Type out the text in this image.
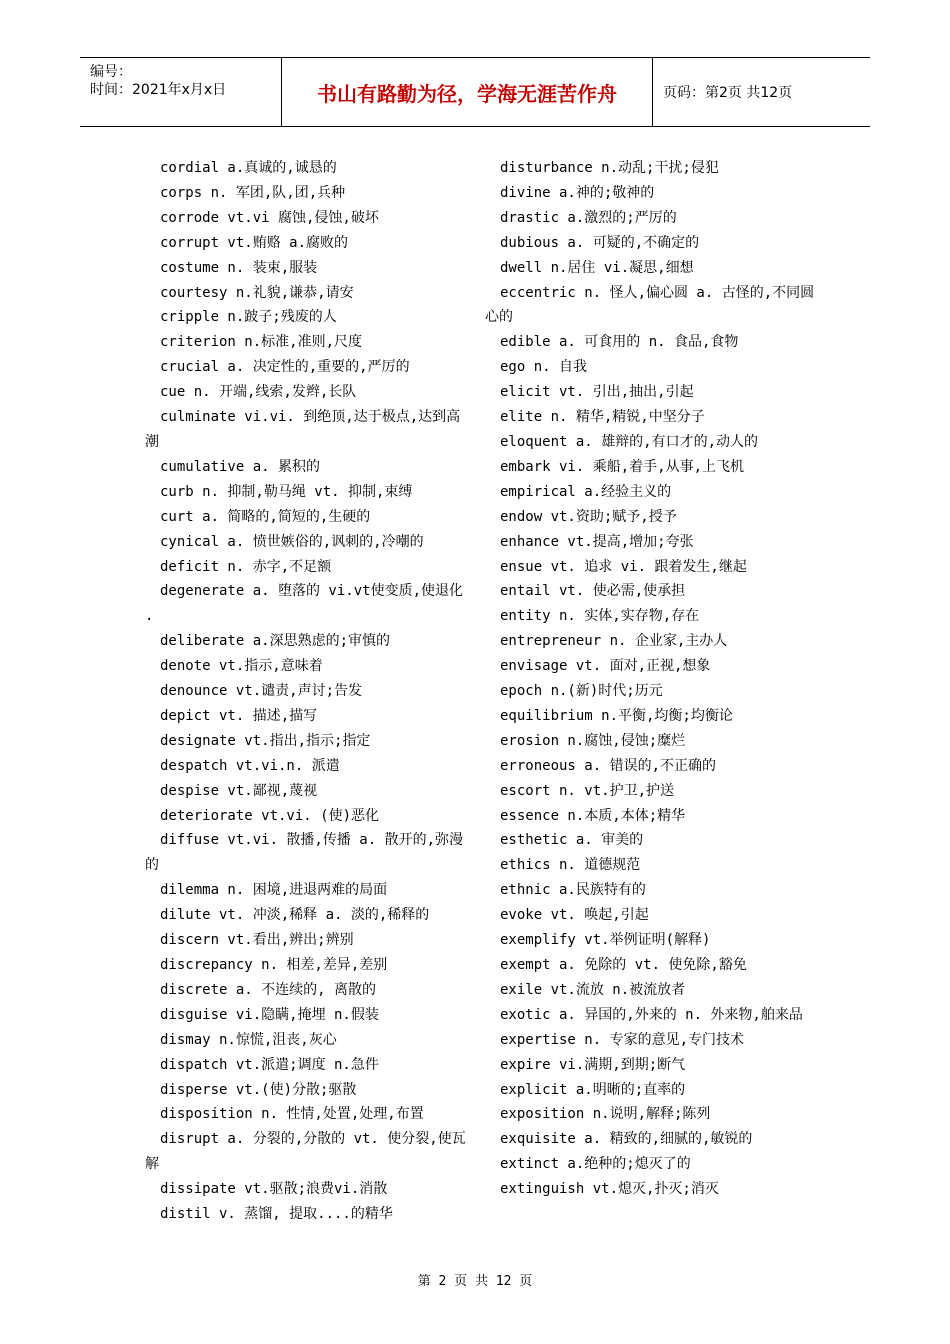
编号：
时间：2021年x月x日	书山有路勤为径，学海无涯苦作舟	页码：第2页 共12页
cordial a.真诚的,诚恳的
corps n. 军团,队,团,兵种
corrode vt.vi 腐蚀,侵蚀,破坏
corrupt vt.贿赂 a.腐败的
costume n. 装束,服装
courtesy n.礼貌,谦恭,请安
cripple n.跛子;残废的人
criterion n.标准,准则,尺度
crucial a. 决定性的,重要的,严厉的
cue n. 开端,线索,发辫,长队
culminate vi.vi. 到绝顶,达于极点,达到高潮
cumulative a. 累积的
curb n. 抑制,勒马绳 vt. 抑制,束缚
curt a. 简略的,简短的,生硬的
cynical a. 愤世嫉俗的,讽刺的,冷嘲的
deficit n. 赤字,不足额
degenerate a. 堕落的 vi.vt使变质,使退化 .
deliberate a.深思熟虑的;审慎的
denote vt.指示,意味着
denounce vt.谴责,声讨;告发
depict vt. 描述,描写
designate vt.指出,指示;指定
despatch vt.vi.n. 派遣
despise vt.鄙视,蔑视
deteriorate vt.vi. (使)恶化
diffuse vt.vi. 散播,传播 a. 散开的,弥漫的
dilemma n. 困境,进退两难的局面
dilute vt. 冲淡,稀释 a. 淡的,稀释的
discern vt.看出,辨出;辨别
discrepancy n. 相差,差异,差别
discrete a. 不连续的, 离散的
disguise vi.隐瞒,掩埋 n.假装
dismay n.惊慌,沮丧,灰心
dispatch vt.派遣;调度 n.急件
disperse vt.(使)分散;驱散
disposition n. 性情,处置,处理,布置
disrupt a. 分裂的,分散的 vt. 使分裂,使瓦解
dissipate vt.驱散;浪费vi.消散
distil v. 蒸馏, 提取....的精华
disturbance n.动乱;干扰;侵犯
divine a.神的;敬神的
drastic a.激烈的;严厉的
dubious a. 可疑的,不确定的
dwell n.居住 vi.凝思,细想
eccentric n. 怪人,偏心圆 a. 古怪的,不同圆心的
edible a. 可食用的 n. 食品,食物
ego n. 自我
elicit vt. 引出,抽出,引起
elite n. 精华,精锐,中坚分子
eloquent a. 雄辩的,有口才的,动人的
embark vi. 乘船,着手,从事,上飞机
empirical a.经验主义的
endow vt.资助;赋予,授予
enhance vt.提高,增加;夸张
ensue vt. 追求 vi. 跟着发生,继起
entail vt. 使必需,使承担
entity n. 实体,实存物,存在
entrepreneur n. 企业家,主办人
envisage vt. 面对,正视,想象
epoch n.(新)时代;历元
equilibrium n.平衡,均衡;均衡论
erosion n.腐蚀,侵蚀;糜烂
erroneous a. 错误的,不正确的
escort n. vt.护卫,护送
essence n.本质,本体;精华
esthetic a. 审美的
ethics n. 道德规范
ethnic a.民族特有的
evoke vt. 唤起,引起
exemplify vt.举例证明(解释)
exempt a. 免除的 vt. 使免除,豁免
exile vt.流放 n.被流放者
exotic a. 异国的,外来的 n. 外来物,舶来品
expertise n. 专家的意见,专门技术
expire vi.满期,到期;断气
explicit a.明晰的;直率的
exposition n.说明,解释;陈列
exquisite a. 精致的,细腻的,敏锐的
extinct a.绝种的;熄灭了的
extinguish vt.熄灭,扑灭;消灭
第 2 页 共 12 页
